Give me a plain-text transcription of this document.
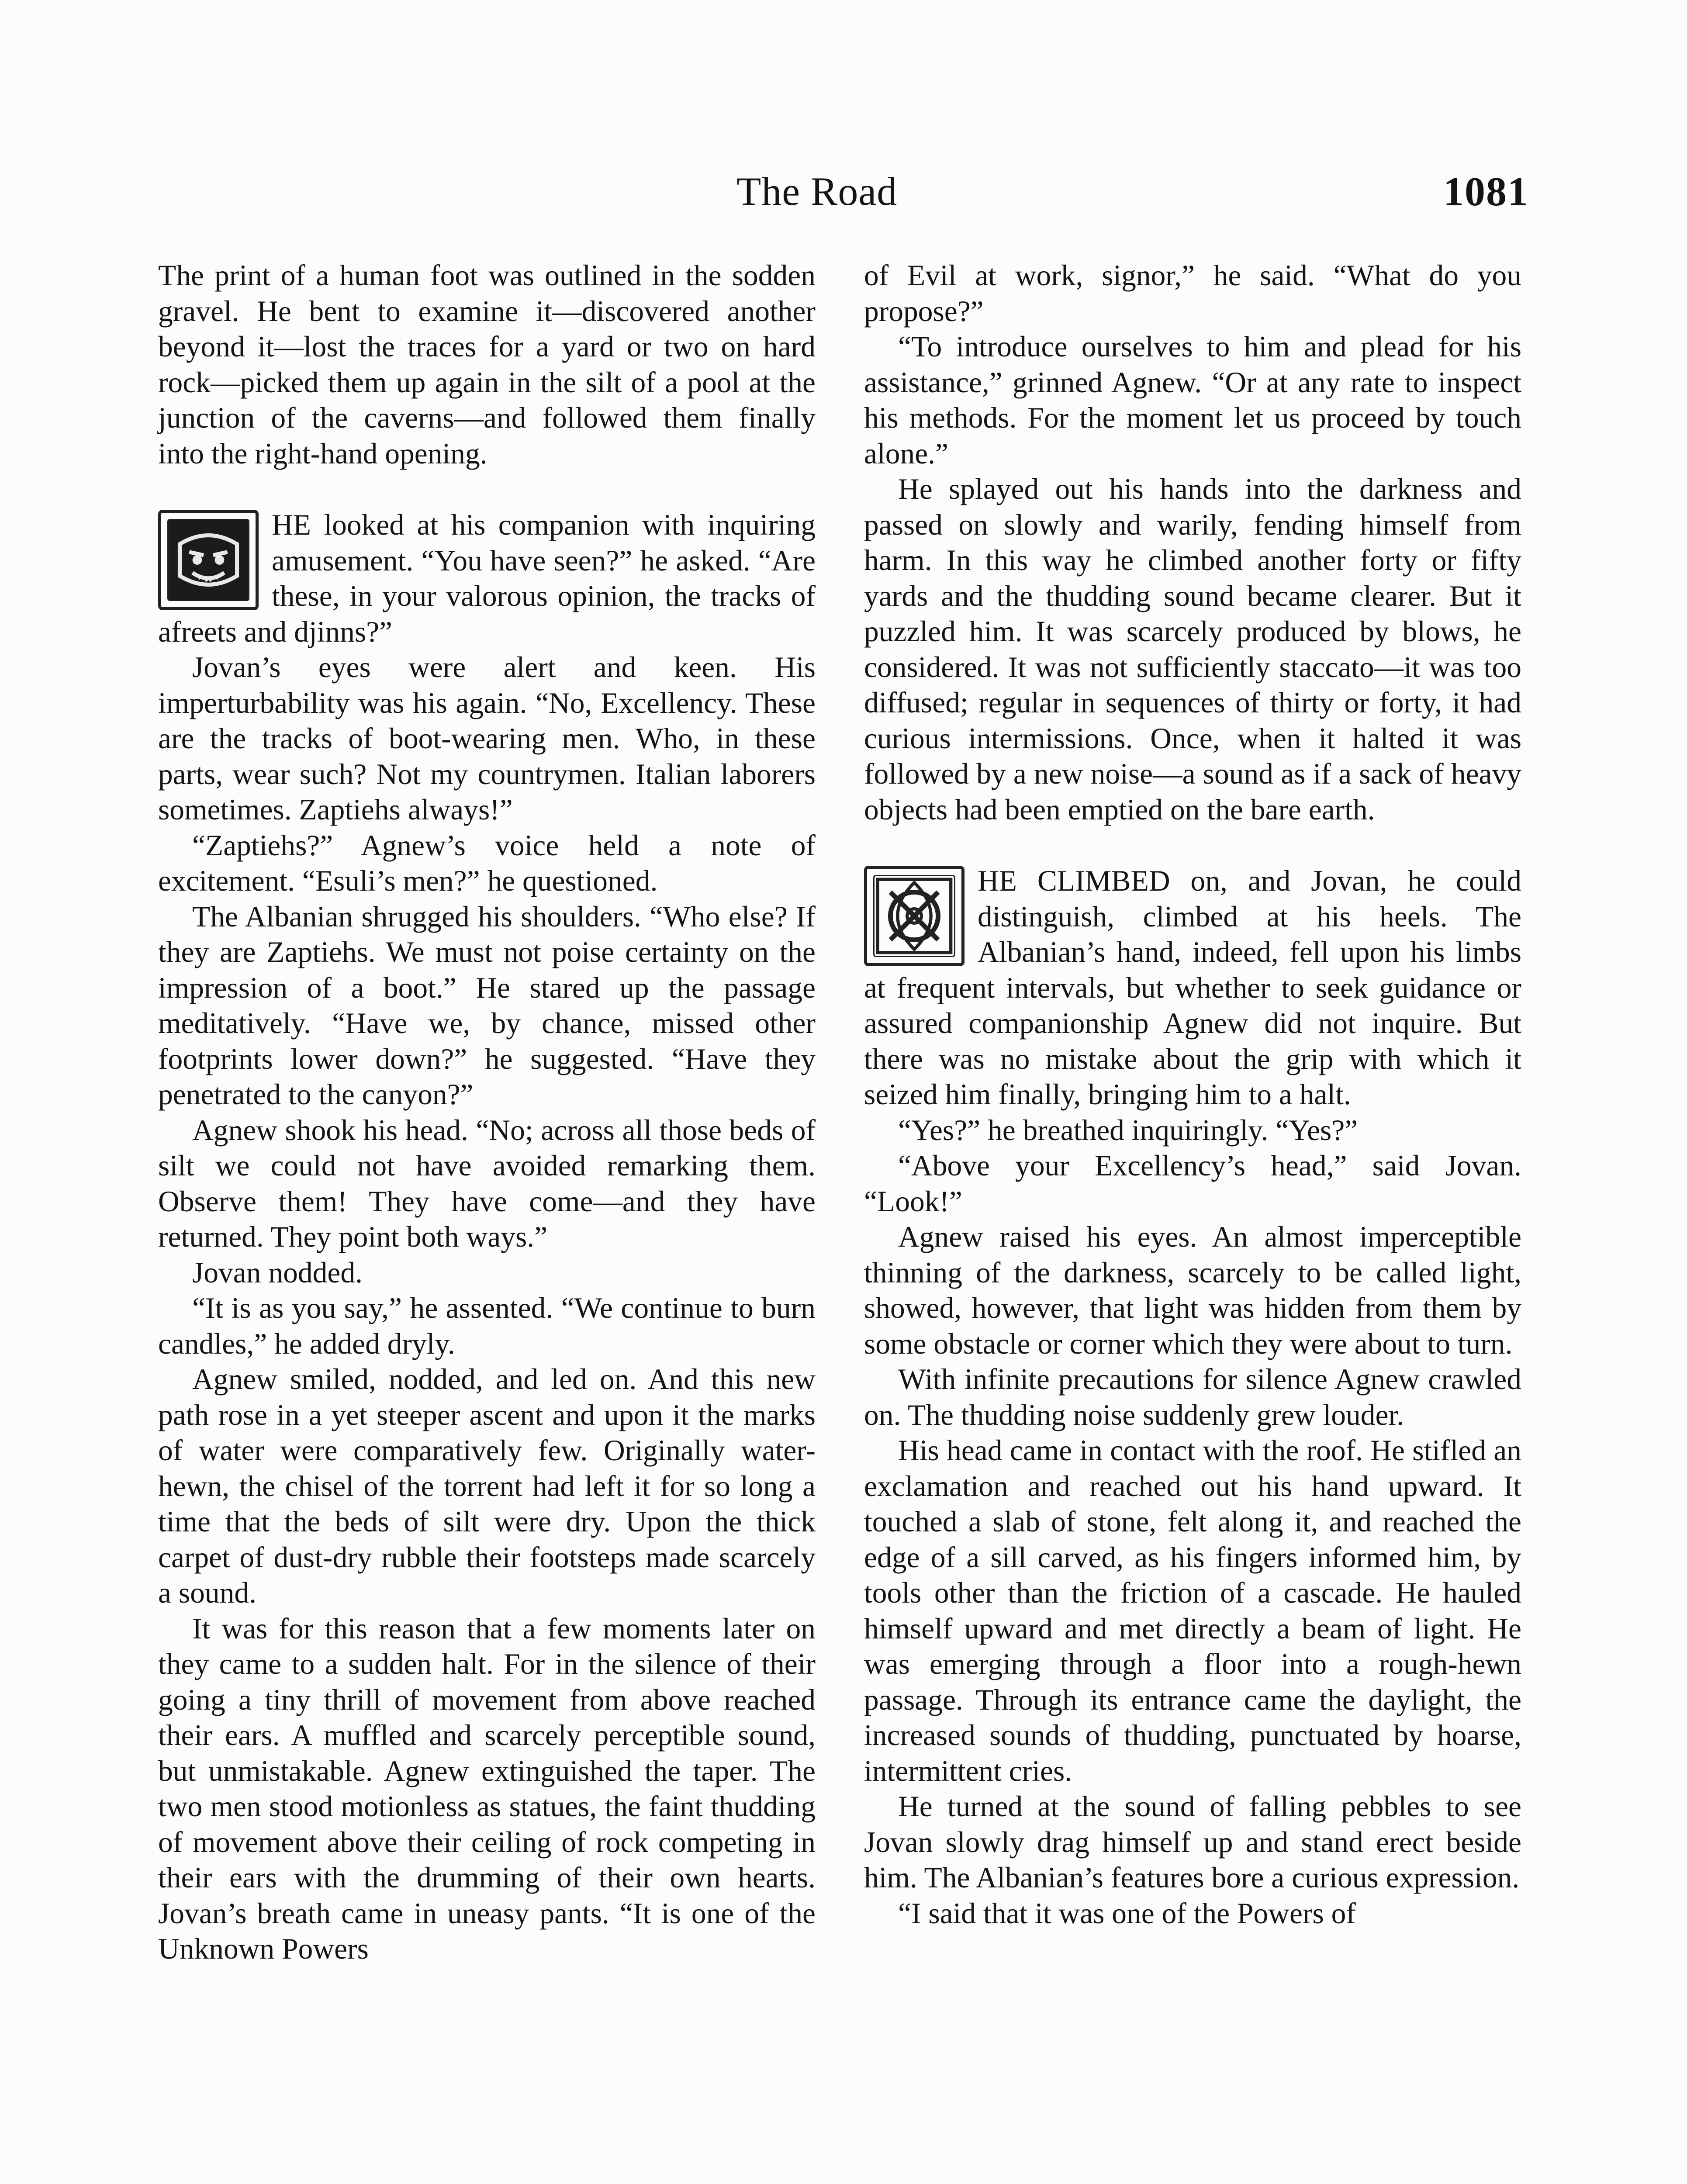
The Road	1081

The print of a human foot was outlined in the sodden gravel. He bent to examine it—discovered another beyond it—lost the traces for a yard or two on hard rock—picked them up again in the silt of a pool at the junction of the caverns—and followed them finally into the right-hand opening.

HE looked at his companion with inquiring amusement. “You have seen?” he asked. “Are these, in your valorous opinion, the tracks of afreets and djinns?”

Jovan’s eyes were alert and keen. His imperturbability was his again. “No, Excellency. These are the tracks of boot-wearing men. Who, in these parts, wear such? Not my countrymen. Italian laborers sometimes. Zaptiehs always!”

“Zaptiehs?” Agnew’s voice held a note of excitement. “Esuli’s men?” he questioned.

The Albanian shrugged his shoulders. “Who else? If they are Zaptiehs. We must not poise certainty on the impression of a boot.” He stared up the passage meditatively. “Have we, by chance, missed other footprints lower down?” he suggested. “Have they penetrated to the canyon?”

Agnew shook his head. “No; across all those beds of silt we could not have avoided remarking them. Observe them! They have come—and they have returned. They point both ways.”

Jovan nodded.

“It is as you say,” he assented. “We continue to burn candles,” he added dryly.

Agnew smiled, nodded, and led on. And this new path rose in a yet steeper ascent and upon it the marks of water were comparatively few. Originally water-hewn, the chisel of the torrent had left it for so long a time that the beds of silt were dry. Upon the thick carpet of dust-dry rubble their footsteps made scarcely a sound.

It was for this reason that a few moments later on they came to a sudden halt. For in the silence of their going a tiny thrill of movement from above reached their ears. A muffled and scarcely perceptible sound, but unmistakable. Agnew extinguished the taper. The two men stood motionless as statues, the faint thudding of movement above their ceiling of rock competing in their ears with the drumming of their own hearts. Jovan’s breath came in uneasy pants. “It is one of the Unknown Powers

of Evil at work, signor,” he said. “What do you propose?”

“To introduce ourselves to him and plead for his assistance,” grinned Agnew. “Or at any rate to inspect his methods. For the moment let us proceed by touch alone.”

He splayed out his hands into the darkness and passed on slowly and warily, fending himself from harm. In this way he climbed another forty or fifty yards and the thudding sound became clearer. But it puzzled him. It was scarcely produced by blows, he considered. It was not sufficiently staccato—it was too diffused; regular in sequences of thirty or forty, it had curious intermissions. Once, when it halted it was followed by a new noise—a sound as if a sack of heavy objects had been emptied on the bare earth.

HE CLIMBED on, and Jovan, he could distinguish, climbed at his heels. The Albanian’s hand, indeed, fell upon his limbs at frequent intervals, but whether to seek guidance or assured companionship Agnew did not inquire. But there was no mistake about the grip with which it seized him finally, bringing him to a halt.

“Yes?” he breathed inquiringly. “Yes?”

“Above your Excellency’s head,” said Jovan. “Look!”

Agnew raised his eyes. An almost imperceptible thinning of the darkness, scarcely to be called light, showed, however, that light was hidden from them by some obstacle or corner which they were about to turn.

With infinite precautions for silence Agnew crawled on. The thudding noise suddenly grew louder.

His head came in contact with the roof. He stifled an exclamation and reached out his hand upward. It touched a slab of stone, felt along it, and reached the edge of a sill carved, as his fingers informed him, by tools other than the friction of a cascade. He hauled himself upward and met directly a beam of light. He was emerging through a floor into a rough-hewn passage. Through its entrance came the daylight, the increased sounds of thudding, punctuated by hoarse, intermittent cries.

He turned at the sound of falling pebbles to see Jovan slowly drag himself up and stand erect beside him. The Albanian’s features bore a curious expression.

“I said that it was one of the Powers of
